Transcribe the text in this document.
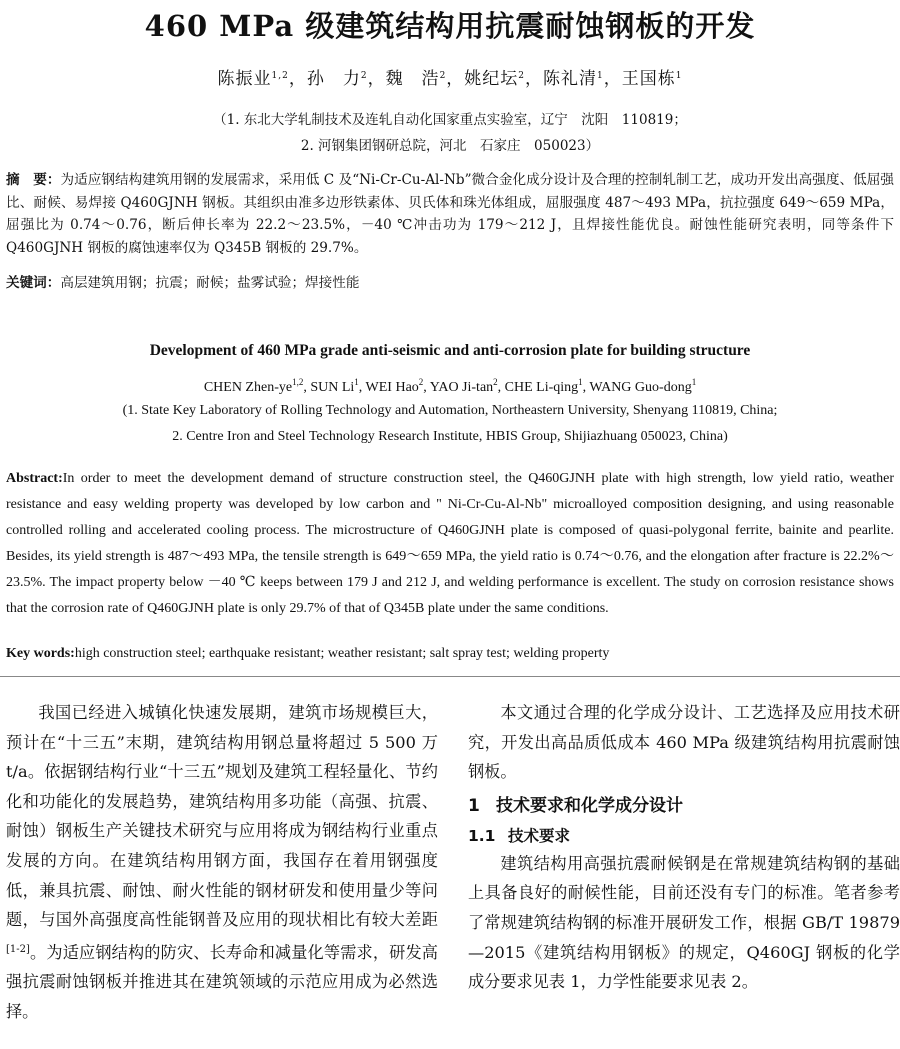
460 MPa 级建筑结构用抗震耐蚀钢板的开发
陈振业$^{1,2}$，孙　力$^2$，魏　浩$^2$，姚纪坛$^2$，陈礼清$^1$，王国栋$^1$
（1. 东北大学轧制技术及连轧自动化国家重点实验室，辽宁　沈阳　110819；
2. 河钢集团钢研总院，河北　石家庄　050023）
摘　要：为适应钢结构建筑用钢的发展需求，采用低 C 及“Ni-Cr-Cu-Al-Nb”微合金化成分设计及合理的控制轧制工艺，成功开发出高强度、低屈强比、耐候、易焊接 Q460GJNH 钢板。其组织由准多边形铁素体、贝氏体和珠光体组成，屈服强度 487～493 MPa，抗拉强度 649～659 MPa，屈强比为 0.74～0.76，断后伸长率为 22.2～23.5%，－40 ℃冲击功为 179～212 J，且焊接性能优良。耐蚀性能研究表明，同等条件下 Q460GJNH 钢板的腐蚀速率仅为 Q345B 钢板的 29.7%。
关键词：高层建筑用钢；抗震；耐候；盐雾试验；焊接性能
Development of 460 MPa grade anti-seismic and anti-corrosion plate for building structure
CHEN Zhen-ye$^{1,2}$, SUN Li$^1$, WEI Hao$^2$, YAO $Ji-\tan^2$, CHE Li-qing$^1$, WANG Guo-dong$^1$
(1. State Key Laboratory of Rolling Technology and Automation, Northeastern University, Shenyang 110819, China;
2. Centre Iron and Steel Technology Research Institute, HBIS Group, Shijiazhuang 050023, China)
Abstract:In order to meet the development demand of structure construction steel, the Q460GJNH plate with high strength, low yield ratio, weather resistance and easy welding property was developed by low carbon and " Ni-Cr-Cu-Al-Nb" microalloyed composition designing, and using reasonable controlled rolling and accelerated cooling process. The microstructure of Q460GJNH plate is composed of quasi-polygonal ferrite, bainite and pearlite. Besides, its yield strength is 487～493 MPa, the tensile strength is 649～659 MPa, the yield ratio is 0.74～0.76, and the elongation after fracture is 22.2%～23.5%. The impact property below －40 ℃ keeps between 179 J and 212 J, and welding performance is excellent. The study on corrosion resistance shows that the corrosion rate of Q460GJNH plate is only 29.7% of that of Q345B plate under the same conditions.
Key words:high construction steel; earthquake resistant; weather resistant; salt spray test; welding property

我国已经进入城镇化快速发展期，建筑市场规模巨大，预计在“十三五”末期，建筑结构用钢总量将超过 5 500 万 t/a。依据钢结构行业“十三五”规划及建筑工程轻量化、节约化和功能化的发展趋势，建筑结构用多功能（高强、抗震、耐蚀）钢板生产关键技术研究与应用将成为钢结构行业重点发展的方向。在建筑结构用钢方面，我国存在着用钢强度低，兼具抗震、耐蚀、耐火性能的钢材研发和使用量少等问题，与国外高强度高性能钢普及应用的现状相比有较大差距[1-2]。为适应钢结构的防灾、长寿命和减量化等需求，研发高强抗震耐蚀钢板并推进其在建筑领域的示范应用成为必然选择。

本文通过合理的化学成分设计、工艺选择及应用技术研究，开发出高品质低成本 460 MPa 级建筑结构用抗震耐蚀钢板。

1 技术要求和化学成分设计
1.1 技术要求

建筑结构用高强抗震耐候钢是在常规建筑结构钢的基础上具备良好的耐候性能，目前还没有专门的标准。笔者参考了常规建筑结构钢的标准开展研发工作，根据 GB/T 19879—2015《建筑结构用钢板》的规定，Q460GJ 钢板的化学成分要求见表 1，力学性能要求见表 2。
